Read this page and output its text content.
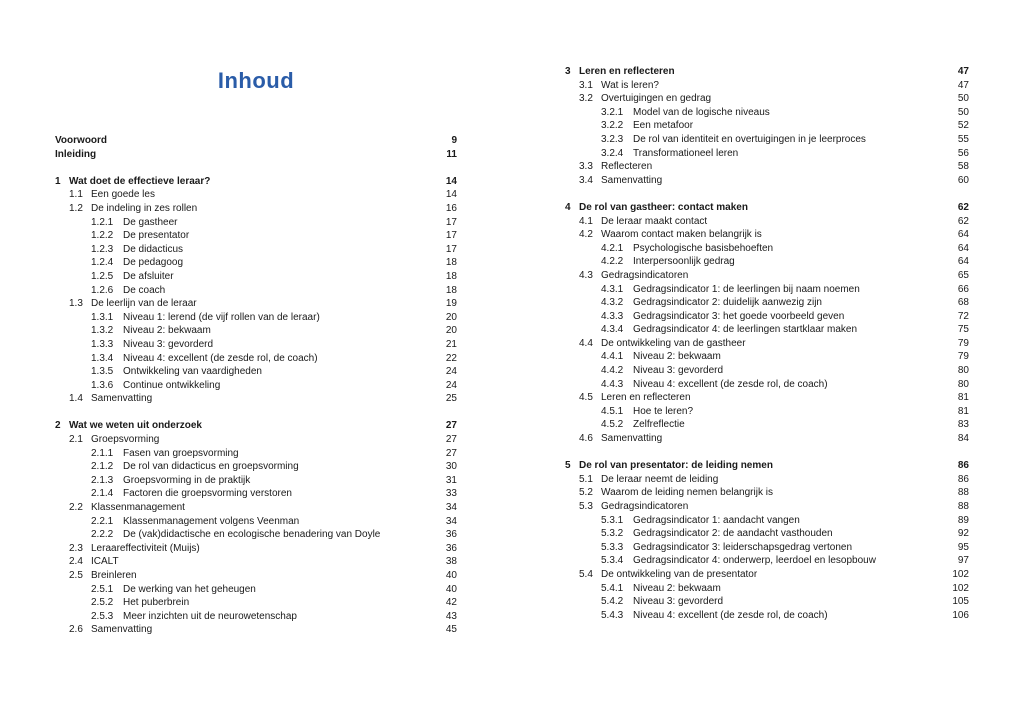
Inhoud
Voorwoord	9
Inleiding	11
1 Wat doet de effectieve leraar?	14
1.1 Een goede les	14
1.2 De indeling in zes rollen	16
1.2.1 De gastheer	17
1.2.2 De presentator	17
1.2.3 De didacticus	17
1.2.4 De pedagoog	18
1.2.5 De afsluiter	18
1.2.6 De coach	18
1.3 De leerlijn van de leraar	19
1.3.1 Niveau 1: lerend (de vijf rollen van de leraar)	20
1.3.2 Niveau 2: bekwaam	20
1.3.3 Niveau 3: gevorderd	21
1.3.4 Niveau 4: excellent (de zesde rol, de coach)	22
1.3.5 Ontwikkeling van vaardigheden	24
1.3.6 Continue ontwikkeling	24
1.4 Samenvatting	25
2 Wat we weten uit onderzoek	27
2.1 Groepsvorming	27
2.1.1 Fasen van groepsvorming	27
2.1.2 De rol van didacticus en groepsvorming	30
2.1.3 Groepsvorming in de praktijk	31
2.1.4 Factoren die groepsvorming verstoren	33
2.2 Klassenmanagement	34
2.2.1 Klassenmanagement volgens Veenman	34
2.2.2 De (vak)didactische en ecologische benadering van Doyle	36
2.3 Leraareffectiviteit (Muijs)	36
2.4 ICALT	38
2.5 Breinleren	40
2.5.1 De werking van het geheugen	40
2.5.2 Het puberbrein	42
2.5.3 Meer inzichten uit de neurowetenschap	43
2.6 Samenvatting	45
3 Leren en reflecteren	47
3.1 Wat is leren?	47
3.2 Overtuigingen en gedrag	50
3.2.1 Model van de logische niveaus	50
3.2.2 Een metafoor	52
3.2.3 De rol van identiteit en overtuigingen in je leerproces	55
3.2.4 Transformationeel leren	56
3.3 Reflecteren	58
3.4 Samenvatting	60
4 De rol van gastheer: contact maken	62
4.1 De leraar maakt contact	62
4.2 Waarom contact maken belangrijk is	64
4.2.1 Psychologische basisbehoeften	64
4.2.2 Interpersoonlijk gedrag	64
4.3 Gedragsindicatoren	65
4.3.1 Gedragsindicator 1: de leerlingen bij naam noemen	66
4.3.2 Gedragsindicator 2: duidelijk aanwezig zijn	68
4.3.3 Gedragsindicator 3: het goede voorbeeld geven	72
4.3.4 Gedragsindicator 4: de leerlingen startklaar maken	75
4.4 De ontwikkeling van de gastheer	79
4.4.1 Niveau 2: bekwaam	79
4.4.2 Niveau 3: gevorderd	80
4.4.3 Niveau 4: excellent (de zesde rol, de coach)	80
4.5 Leren en reflecteren	81
4.5.1 Hoe te leren?	81
4.5.2 Zelfreflectie	83
4.6 Samenvatting	84
5 De rol van presentator: de leiding nemen	86
5.1 De leraar neemt de leiding	86
5.2 Waarom de leiding nemen belangrijk is	88
5.3 Gedragsindicatoren	88
5.3.1 Gedragsindicator 1: aandacht vangen	89
5.3.2 Gedragsindicator 2: de aandacht vasthouden	92
5.3.3 Gedragsindicator 3: leiderschapsgedrag vertonen	95
5.3.4 Gedragsindicator 4: onderwerp, leerdoel en lesopbouw	97
5.4 De ontwikkeling van de presentator	102
5.4.1 Niveau 2: bekwaam	102
5.4.2 Niveau 3: gevorderd	105
5.4.3 Niveau 4: excellent (de zesde rol, de coach)	106
